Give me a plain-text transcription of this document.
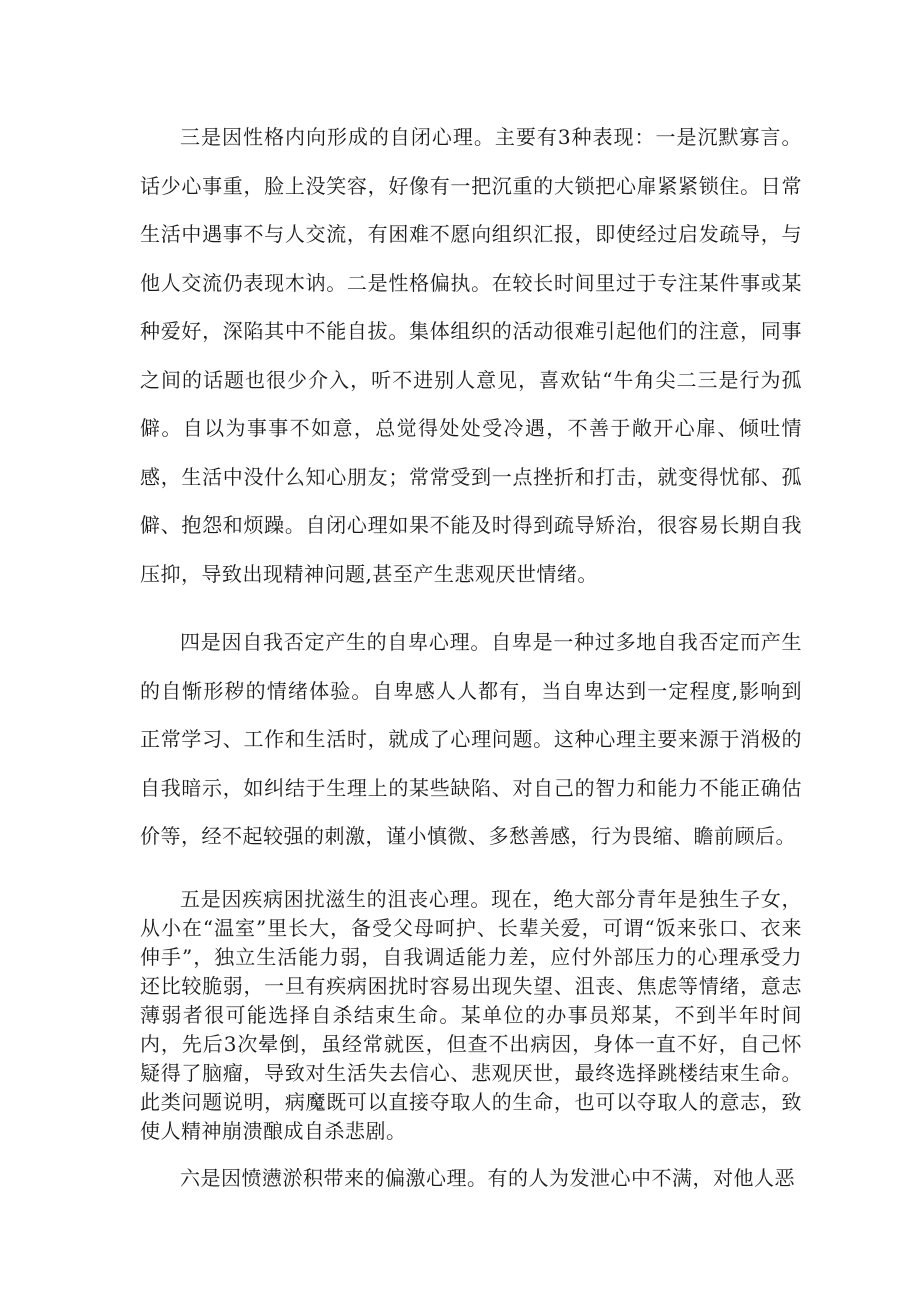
三是因性格内向形成的自闭心理。主要有3种表现：一是沉默寡言。话少心事重，脸上没笑容，好像有一把沉重的大锁把心扉紧紧锁住。日常生活中遇事不与人交流，有困难不愿向组织汇报，即使经过启发疏导，与他人交流仍表现木讷。二是性格偏执。在较长时间里过于专注某件事或某种爱好，深陷其中不能自拔。集体组织的活动很难引起他们的注意，同事之间的话题也很少介入，听不进别人意见，喜欢钻“牛角尖二三是行为孤僻。自以为事事不如意，总觉得处处受冷遇，不善于敞开心扉、倾吐情感，生活中没什么知心朋友；常常受到一点挫折和打击，就变得忧郁、孤僻、抱怨和烦躁。自闭心理如果不能及时得到疏导矫治，很容易长期自我压抑，导致出现精神问题,甚至产生悲观厌世情绪。

四是因自我否定产生的自卑心理。自卑是一种过多地自我否定而产生的自惭形秽的情绪体验。自卑感人人都有，当自卑达到一定程度,影响到正常学习、工作和生活时，就成了心理问题。这种心理主要来源于消极的自我暗示，如纠结于生理上的某些缺陷、对自己的智力和能力不能正确估价等，经不起较强的刺激，谨小慎微、多愁善感，行为畏缩、瞻前顾后。

五是因疾病困扰滋生的沮丧心理。现在，绝大部分青年是独生子女，从小在“温室”里长大，备受父母呵护、长辈关爱，可谓“饭来张口、衣来伸手”，独立生活能力弱，自我调适能力差，应付外部压力的心理承受力还比较脆弱，一旦有疾病困扰时容易出现失望、沮丧、焦虑等情绪，意志薄弱者很可能选择自杀结束生命。某单位的办事员郑某，不到半年时间内，先后3次晕倒，虽经常就医，但查不出病因，身体一直不好，自己怀疑得了脑瘤，导致对生活失去信心、悲观厌世，最终选择跳楼结束生命。此类问题说明，病魔既可以直接夺取人的生命，也可以夺取人的意志，致使人精神崩溃酿成自杀悲剧。

六是因愤懑淤积带来的偏激心理。有的人为发泄心中不满，对他人恶
